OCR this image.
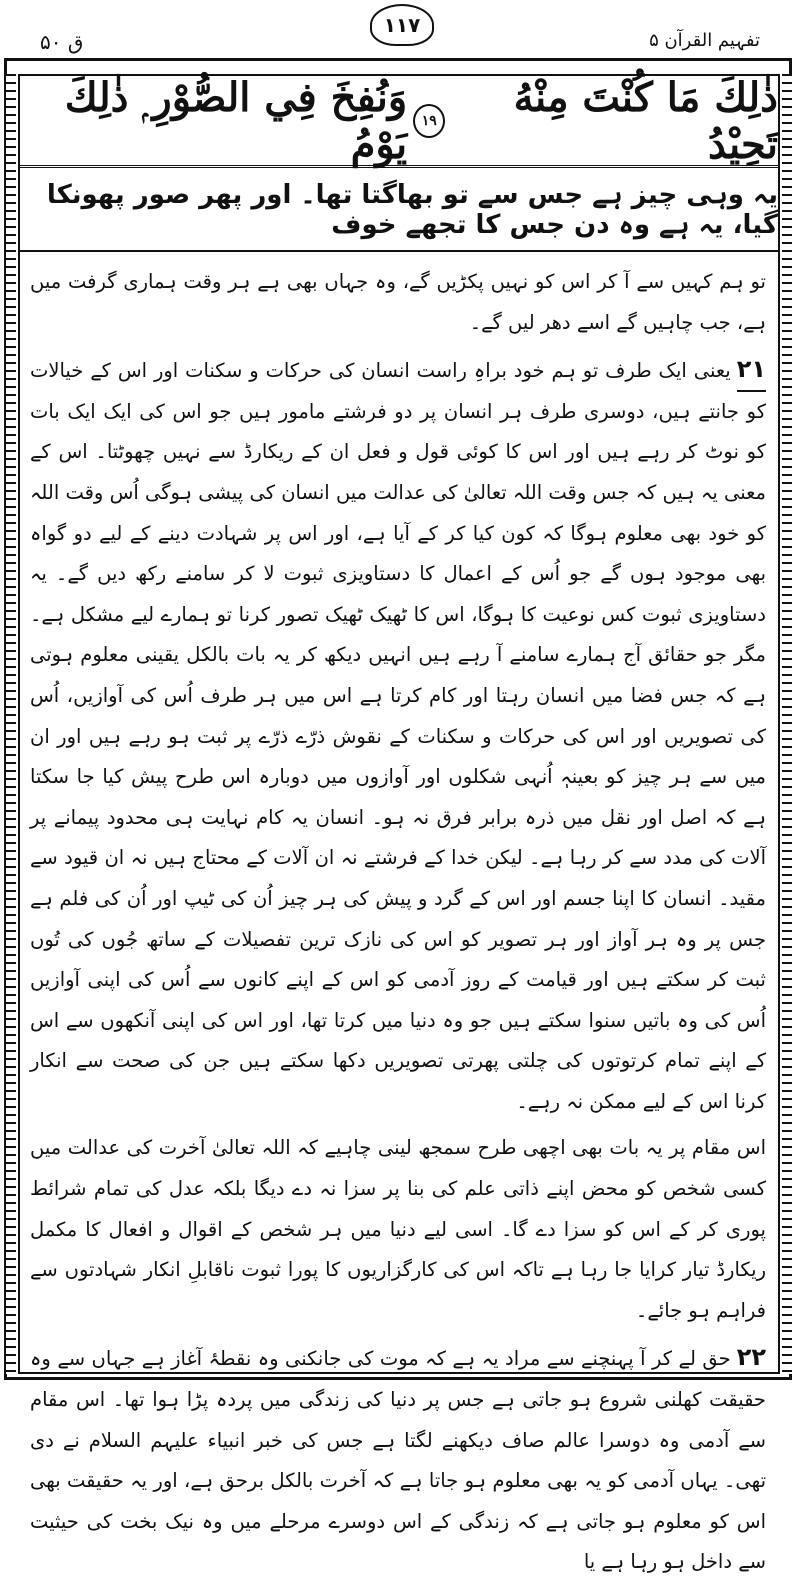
ق ۵۰
۱۱۷
تفہیم القرآن ۵
ذٰلِكَ مَا كُنْتَ مِنْهُ تَحِيْدُ
١٩
وَنُفِخَ فِي الصُّوْرِ ۭ ذٰلِكَ يَوْمُ
یہ وہی چیز ہے جس سے تو بھاگتا تھا۔ اور پھر صور پھونکا گیا، یہ ہے وہ دن جس کا تجھے خوف

تو ہم کہیں سے آ کر اس کو نہیں پکڑیں گے، وہ جہاں بھی ہے ہر وقت ہماری گرفت میں ہے، جب چاہیں گے اسے دھر لیں گے۔

۲۱یعنی ایک طرف تو ہم خود براہِ راست انسان کی حرکات و سکنات اور اس کے خیالات کو جانتے ہیں، دوسری طرف ہر انسان پر دو فرشتے مامور ہیں جو اس کی ایک ایک بات کو نوٹ کر رہے ہیں اور اس کا کوئی قول و فعل ان کے ریکارڈ سے نہیں چھوٹتا۔ اس کے معنی یہ ہیں کہ جس وقت اللہ تعالیٰ کی عدالت میں انسان کی پیشی ہوگی اُس وقت اللہ کو خود بھی معلوم ہوگا کہ کون کیا کر کے آیا ہے، اور اس پر شہادت دینے کے لیے دو گواہ بھی موجود ہوں گے جو اُس کے اعمال کا دستاویزی ثبوت لا کر سامنے رکھ دیں گے۔ یہ دستاویزی ثبوت کس نوعیت کا ہوگا، اس کا ٹھیک ٹھیک تصور کرنا تو ہمارے لیے مشکل ہے۔ مگر جو حقائق آج ہمارے سامنے آ رہے ہیں انہیں دیکھ کر یہ بات بالکل یقینی معلوم ہوتی ہے کہ جس فضا میں انسان رہتا اور کام کرتا ہے اس میں ہر طرف اُس کی آوازیں، اُس کی تصویریں اور اس کی حرکات و سکنات کے نقوش ذرّے ذرّے پر ثبت ہو رہے ہیں اور ان میں سے ہر چیز کو بعینہٖ اُنہی شکلوں اور آوازوں میں دوبارہ اس طرح پیش کیا جا سکتا ہے کہ اصل اور نقل میں ذرہ برابر فرق نہ ہو۔ انسان یہ کام نہایت ہی محدود پیمانے پر آلات کی مدد سے کر رہا ہے۔ لیکن خدا کے فرشتے نہ ان آلات کے محتاج ہیں نہ ان قیود سے مقید۔ انسان کا اپنا جسم اور اس کے گرد و پیش کی ہر چیز اُن کی ٹیپ اور اُن کی فلم ہے جس پر وہ ہر آواز اور ہر تصویر کو اس کی نازک ترین تفصیلات کے ساتھ جُوں کی تُوں ثبت کر سکتے ہیں اور قیامت کے روز آدمی کو اس کے اپنے کانوں سے اُس کی اپنی آوازیں اُس کی وہ باتیں سنوا سکتے ہیں جو وہ دنیا میں کرتا تھا، اور اس کی اپنی آنکھوں سے اس کے اپنے تمام کرتوتوں کی چلتی پھرتی تصویریں دکھا سکتے ہیں جن کی صحت سے انکار کرنا اس کے لیے ممکن نہ رہے۔

اس مقام پر یہ بات بھی اچھی طرح سمجھ لینی چاہیے کہ اللہ تعالیٰ آخرت کی عدالت میں کسی شخص کو محض اپنے ذاتی علم کی بنا پر سزا نہ دے دیگا بلکہ عدل کی تمام شرائط پوری کر کے اس کو سزا دے گا۔ اسی لیے دنیا میں ہر شخص کے اقوال و افعال کا مکمل ریکارڈ تیار کرایا جا رہا ہے تاکہ اس کی کارگزاریوں کا پورا ثبوت ناقابلِ انکار شہادتوں سے فراہم ہو جائے۔

۲۲حق لے کر آ پہنچنے سے مراد یہ ہے کہ موت کی جانکنی وہ نقطۂ آغاز ہے جہاں سے وہ حقیقت کھلنی شروع ہو جاتی ہے جس پر دنیا کی زندگی میں پردہ پڑا ہوا تھا۔ اس مقام سے آدمی وہ دوسرا عالم صاف دیکھنے لگتا ہے جس کی خبر انبیاء علیہم السلام نے دی تھی۔ یہاں آدمی کو یہ بھی معلوم ہو جاتا ہے کہ آخرت بالکل برحق ہے، اور یہ حقیقت بھی اس کو معلوم ہو جاتی ہے کہ زندگی کے اس دوسرے مرحلے میں وہ نیک بخت کی حیثیت سے داخل ہو رہا ہے یا
